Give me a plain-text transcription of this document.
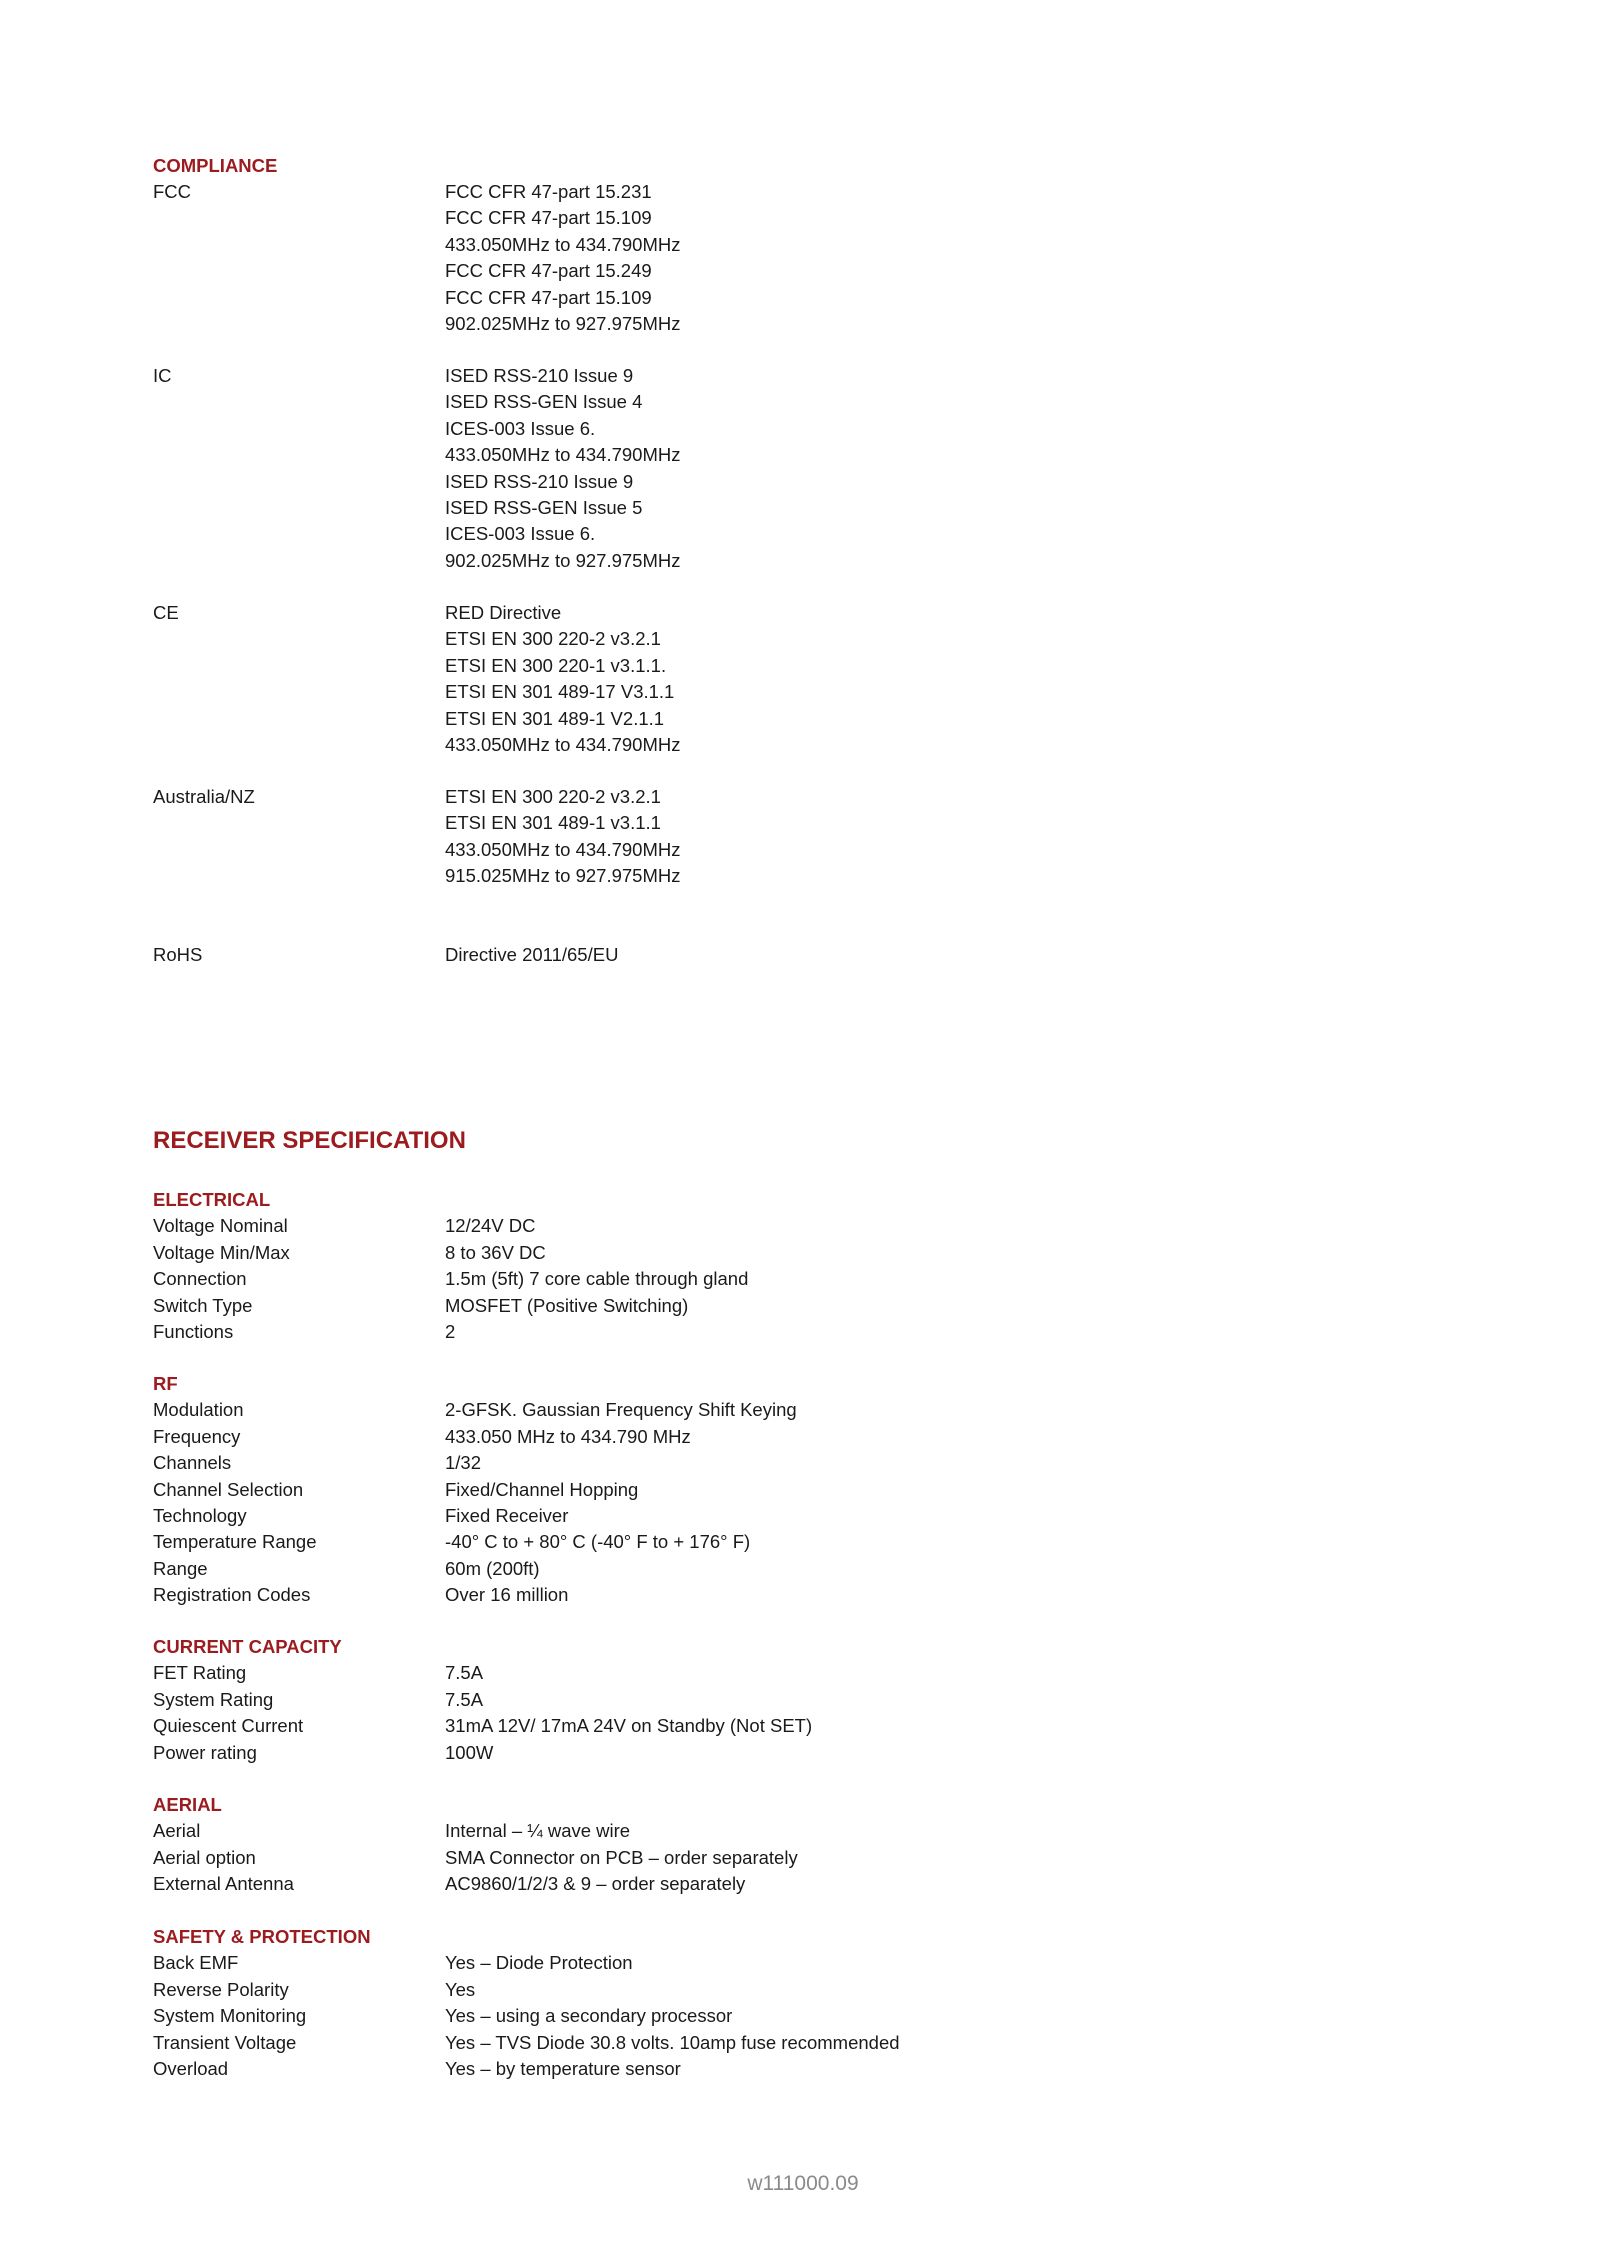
COMPLIANCE
FCC	FCC CFR 47-part 15.231
FCC CFR 47-part 15.109
433.050MHz to 434.790MHz
FCC CFR 47-part 15.249
FCC CFR 47-part 15.109
902.025MHz to 927.975MHz
IC	ISED RSS-210 Issue 9
ISED RSS-GEN Issue 4
ICES-003 Issue 6.
433.050MHz to 434.790MHz
ISED RSS-210 Issue 9
ISED RSS-GEN Issue 5
ICES-003 Issue 6.
902.025MHz to 927.975MHz
CE	RED Directive
ETSI EN 300 220-2 v3.2.1
ETSI EN 300 220-1 v3.1.1.
ETSI EN 301 489-17 V3.1.1
ETSI EN 301 489-1 V2.1.1
433.050MHz to 434.790MHz
Australia/NZ	ETSI EN 300 220-2 v3.2.1
ETSI EN 301 489-1 v3.1.1
433.050MHz to 434.790MHz
915.025MHz to 927.975MHz
RoHS	Directive 2011/65/EU
RECEIVER SPECIFICATION
ELECTRICAL
Voltage Nominal	12/24V DC
Voltage Min/Max	8 to 36V DC
Connection	1.5m (5ft) 7 core cable through gland
Switch Type	MOSFET (Positive Switching)
Functions	2
RF
Modulation	2-GFSK. Gaussian Frequency Shift Keying
Frequency	433.050 MHz to 434.790 MHz
Channels	1/32
Channel Selection	Fixed/Channel Hopping
Technology	Fixed Receiver
Temperature Range	-40° C to + 80° C (-40° F to + 176° F)
Range	60m (200ft)
Registration Codes	Over 16 million
CURRENT CAPACITY
FET Rating	7.5A
System Rating	7.5A
Quiescent Current	31mA 12V/ 17mA 24V on Standby (Not SET)
Power rating	100W
AERIAL
Aerial	Internal – ¼ wave wire
Aerial option	SMA Connector on PCB – order separately
External Antenna	AC9860/1/2/3 & 9 – order separately
SAFETY & PROTECTION
Back EMF	Yes – Diode Protection
Reverse Polarity	Yes
System Monitoring	Yes – using a secondary processor
Transient Voltage	Yes – TVS Diode 30.8 volts. 10amp fuse recommended
Overload	Yes – by temperature sensor
w111000.09
